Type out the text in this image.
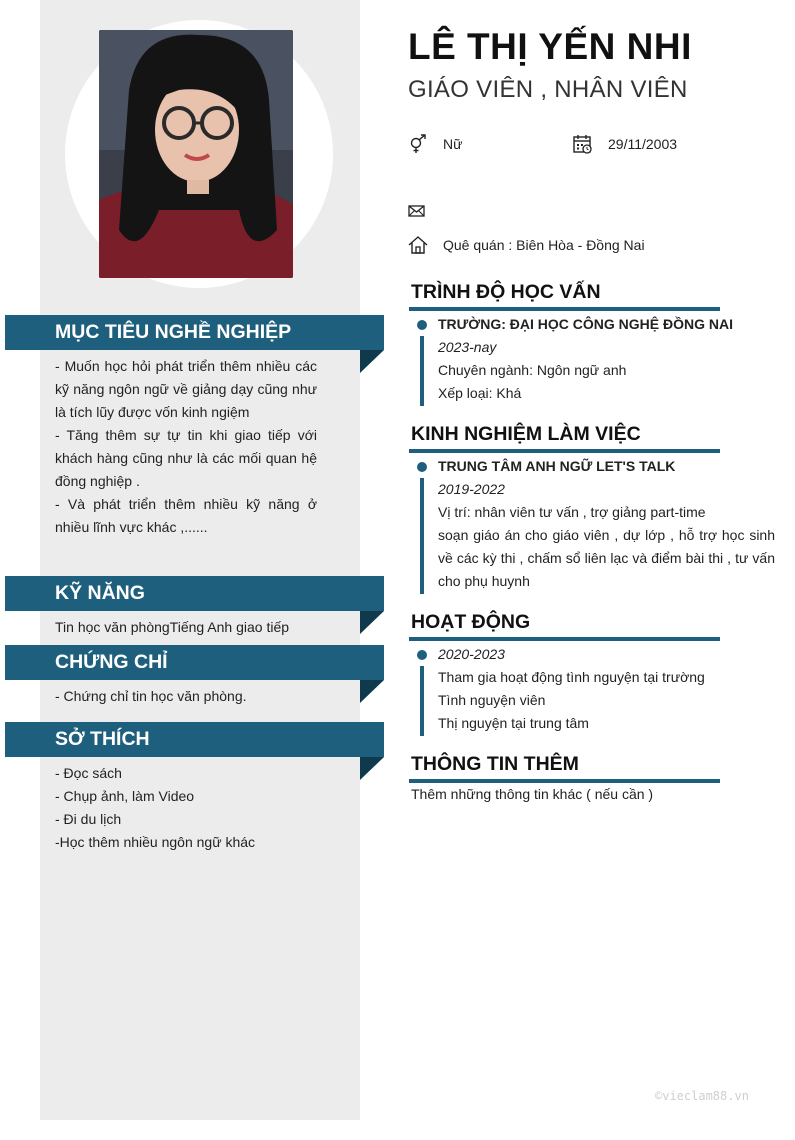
MỤC TIÊU NGHỀ NGHIỆP

- Muốn học hỏi phát triển thêm nhiều các kỹ năng ngôn ngữ về giảng dạy cũng như là tích lũy được vốn kinh ngiệm

- Tăng thêm sự tự tin khi giao tiếp với khách hàng cũng như là các mối quan hệ đồng nghiệp .

- Và phát triển thêm nhiều kỹ năng ở nhiều lĩnh vực khác ,......

KỸ NĂNG
Tin học văn phòngTiếng Anh giao tiếp
CHỨNG CHỈ
- Chứng chỉ tin học văn phòng.
SỞ THÍCH

- Đọc sách

- Chụp ảnh, làm Video

- Đi du lịch

-Học thêm nhiều ngôn ngữ khác

LÊ THỊ YẾN NHI
GIÁO VIÊN , NHÂN VIÊN
Nữ	29/11/2003
Quê quán : Biên Hòa - Đồng Nai
TRÌNH ĐỘ HỌC VẤN
TRƯỜNG: ĐẠI HỌC CÔNG NGHỆ ĐỒNG NAI
2023-nay
Chuyên ngành: Ngôn ngữ anh
Xếp loại: Khá
KINH NGHIỆM LÀM VIỆC
TRUNG TÂM ANH NGỮ LET'S TALK
2019-2022
Vị trí: nhân viên tư vấn , trợ giảng part-time
soạn giáo án cho giáo viên , dự lớp , hỗ trợ học sinh về các kỳ thi , chấm sổ liên lạc và điểm bài thi , tư vấn cho phụ huynh
HOẠT ĐỘNG
2020-2023
Tham gia hoạt động tình nguyện tại trường
Tình nguyện viên
Thị nguyện tại trung tâm
THÔNG TIN THÊM
Thêm những thông tin khác ( nếu cần )
©vieclam88.vn
